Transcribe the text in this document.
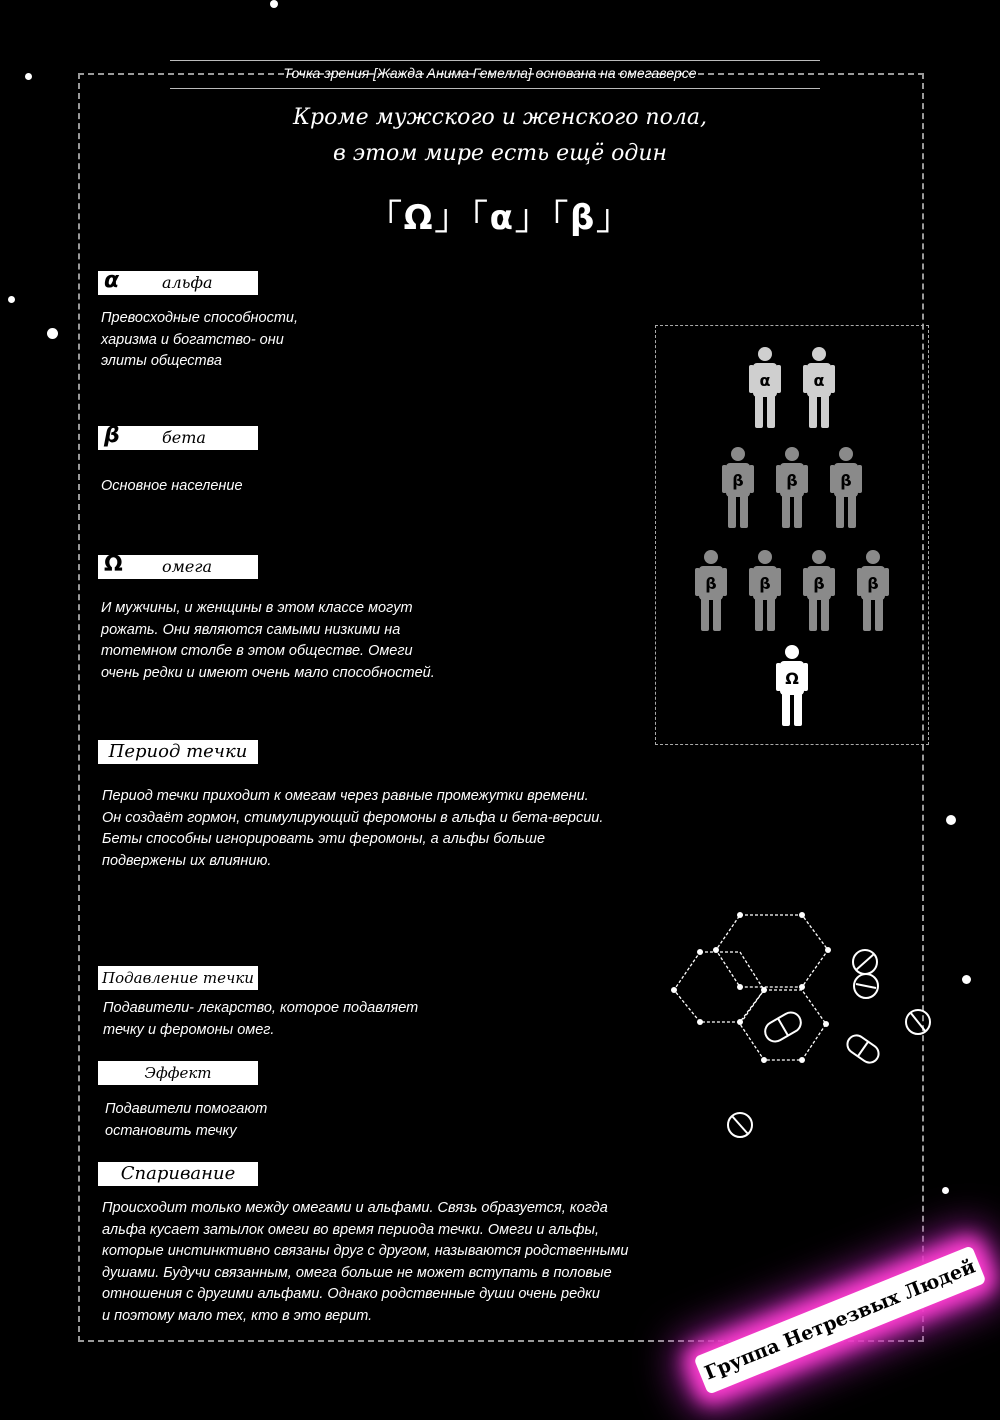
Точка зрения [Жажда Анима Гемелла] основана на омегаверсе
Кроме мужского и женского пола,
в этом мире есть ещё один
「Ω」「α」「β」
α	альфа
Превосходные способности,
харизма и богатство- они
элиты общества
β	бета
Основное население
Ω омега
И мужчины, и женщины в этом классе могут
рожать. Они являются самыми низкими на
тотемном столбе в этом обществе. Омеги
очень редки и имеют очень мало способностей.
Период течки
Период течки приходит к омегам через равные промежутки времени.
Он создаёт гормон, стимулирующий феромоны в альфа и бета-версии.
Беты способны игнорировать эти феромоны, а альфы больше
подвержены их влиянию.
Подавление течки
Подавители- лекарство, которое подавляет
течку и феромоны омег.
Эффект подавителей
Подавители помогают
остановить течку
Спаривание
Происходит только между омегами и альфами. Связь образуется, когда
альфа кусает затылок омеги во время периода течки. Омеги и альфы,
которые инстинктивно связаны друг с другом, называются родственными
душами. Будучи связанным, омега больше не может вступать в половые
отношения с другими альфами. Однако родственные души очень редки
и поэтому мало тех, кто в это верит.
α	α
β	β	β
β	β	β	β
Ω
Группа Нетрезвых Людей
